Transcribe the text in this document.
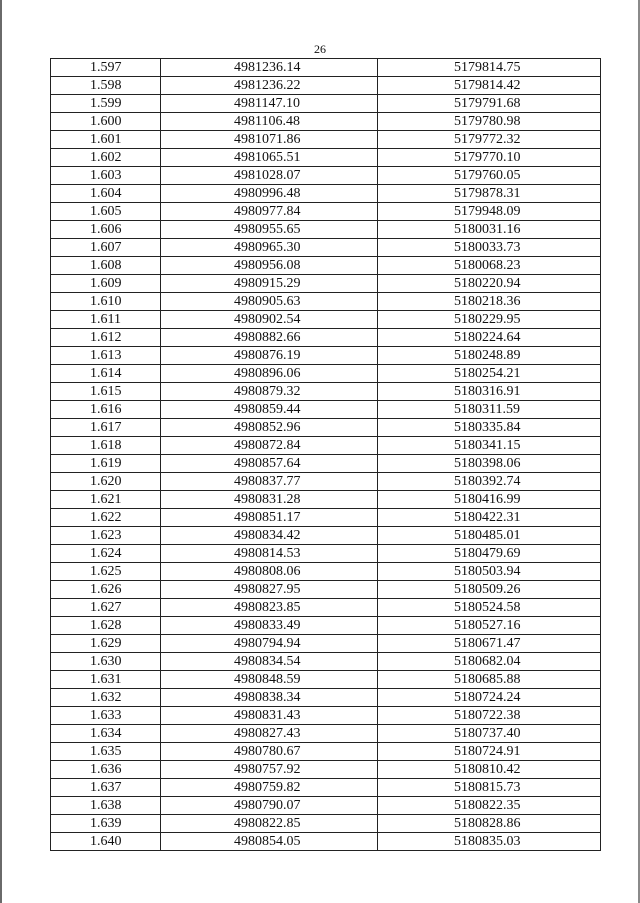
26
1.597	4981236.14	5179814.75
1.598	4981236.22	5179814.42
1.599	4981147.10	5179791.68
1.600	4981106.48	5179780.98
1.601	4981071.86	5179772.32
1.602	4981065.51	5179770.10
1.603	4981028.07	5179760.05
1.604	4980996.48	5179878.31
1.605	4980977.84	5179948.09
1.606	4980955.65	5180031.16
1.607	4980965.30	5180033.73
1.608	4980956.08	5180068.23
1.609	4980915.29	5180220.94
1.610	4980905.63	5180218.36
1.611	4980902.54	5180229.95
1.612	4980882.66	5180224.64
1.613	4980876.19	5180248.89
1.614	4980896.06	5180254.21
1.615	4980879.32	5180316.91
1.616	4980859.44	5180311.59
1.617	4980852.96	5180335.84
1.618	4980872.84	5180341.15
1.619	4980857.64	5180398.06
1.620	4980837.77	5180392.74
1.621	4980831.28	5180416.99
1.622	4980851.17	5180422.31
1.623	4980834.42	5180485.01
1.624	4980814.53	5180479.69
1.625	4980808.06	5180503.94
1.626	4980827.95	5180509.26
1.627	4980823.85	5180524.58
1.628	4980833.49	5180527.16
1.629	4980794.94	5180671.47
1.630	4980834.54	5180682.04
1.631	4980848.59	5180685.88
1.632	4980838.34	5180724.24
1.633	4980831.43	5180722.38
1.634	4980827.43	5180737.40
1.635	4980780.67	5180724.91
1.636	4980757.92	5180810.42
1.637	4980759.82	5180815.73
1.638	4980790.07	5180822.35
1.639	4980822.85	5180828.86
1.640	4980854.05	5180835.03
